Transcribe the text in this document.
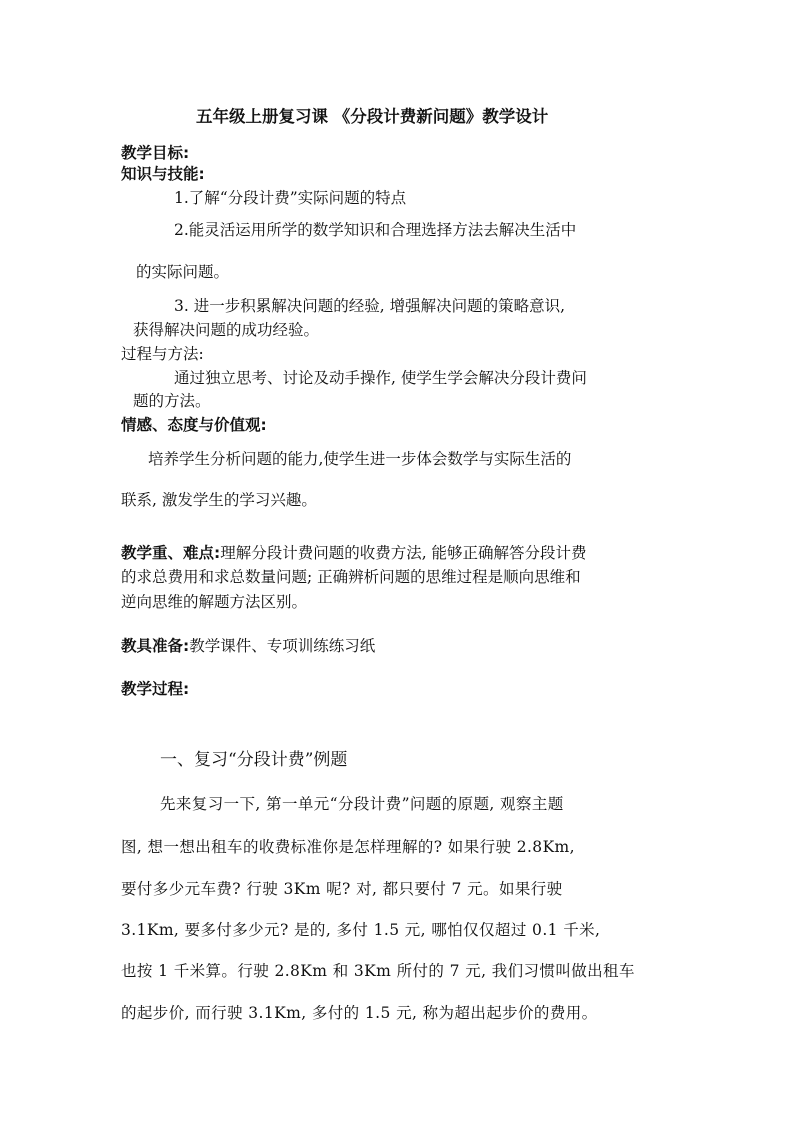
五年级上册复习课 《分段计费新问题》教学设计
教学目标:
知识与技能:
1.了解“分段计费”实际问题的特点
2.能灵活运用所学的数学知识和合理选择方法去解决生活中
的实际问题。
3. 进一步积累解决问题的经验, 增强解决问题的策略意识,
获得解决问题的成功经验。
过程与方法:
通过独立思考、讨论及动手操作, 使学生学会解决分段计费问
题的方法。
情感、态度与价值观:
培养学生分析问题的能力,使学生进一步体会数学与实际生活的
联系, 激发学生的学习兴趣。
教学重、难点:理解分段计费问题的收费方法, 能够正确解答分段计费
的求总费用和求总数量问题; 正确辨析问题的思维过程是顺向思维和
逆向思维的解题方法区别。
教具准备:教学课件、专项训练练习纸
教学过程:
一、复习“分段计费”例题
先来复习一下, 第一单元“分段计费”问题的原题, 观察主题
图, 想一想出租车的收费标准你是怎样理解的? 如果行驶 2.8Km,
要付多少元车费? 行驶 3Km 呢? 对, 都只要付 7 元。如果行驶
3.1Km, 要多付多少元? 是的, 多付 1.5 元, 哪怕仅仅超过 0.1 千米,
也按 1 千米算。行驶 2.8Km 和 3Km 所付的 7 元, 我们习惯叫做出租车
的起步价, 而行驶 3.1Km, 多付的 1.5 元, 称为超出起步价的费用。
